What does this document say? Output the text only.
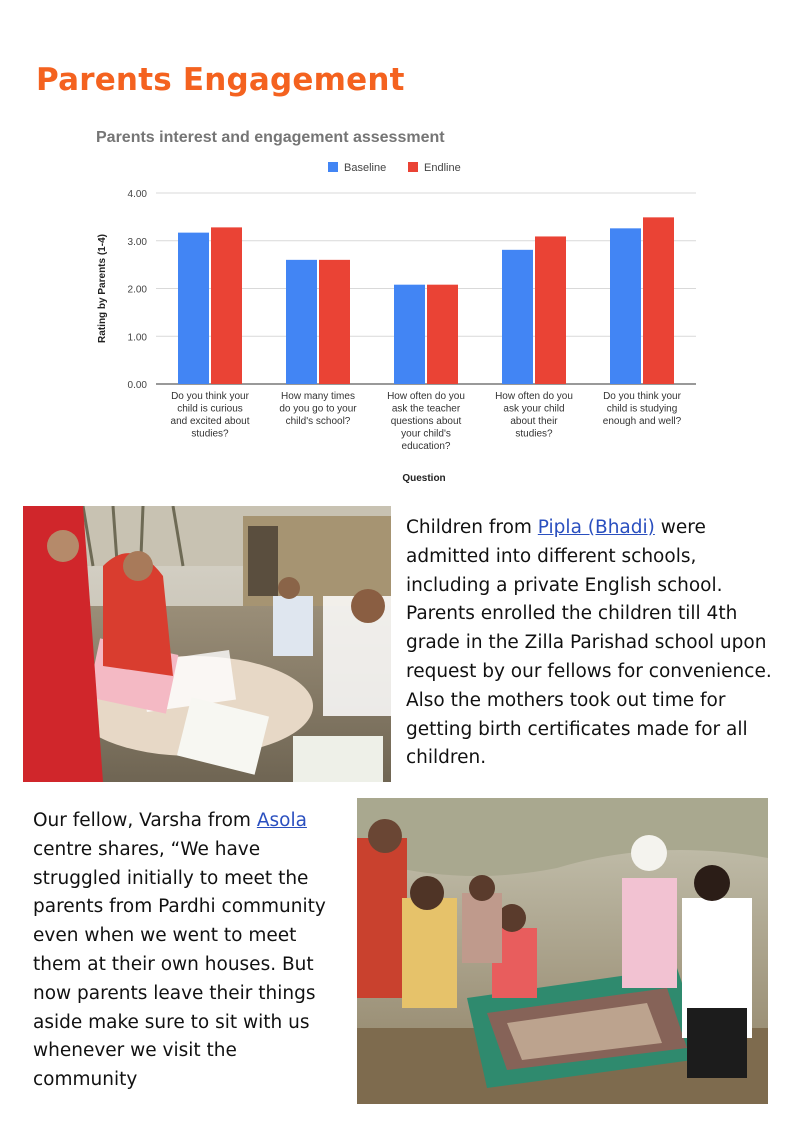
Parents Engagement
Parents interest and engagement assessment
Baseline	Endline
0.00
1.00
2.00
3.00
4.00
Rating by Parents (1-4)
Do you think your
child is curious
and excited about
studies?
How many times
do you go to your
child's school?
How often do you
ask the teacher
questions about
your child's
education?
How often do you
ask your child
about their
studies?
Do you think your
child is studying
enough and well?
Question

Children from Pipla (Bhadi) were admitted into different schools, including a private English school. Parents enrolled the children till 4th grade in the Zilla Parishad school upon request by our fellows for convenience. Also the mothers took out time for getting birth certificates made for all children.

Our fellow, Varsha from Asola centre shares, “We have struggled initially to meet the parents from Pardhi community even when we went to meet them at their own houses. But now parents leave their things aside make sure to sit with us whenever we visit the community
